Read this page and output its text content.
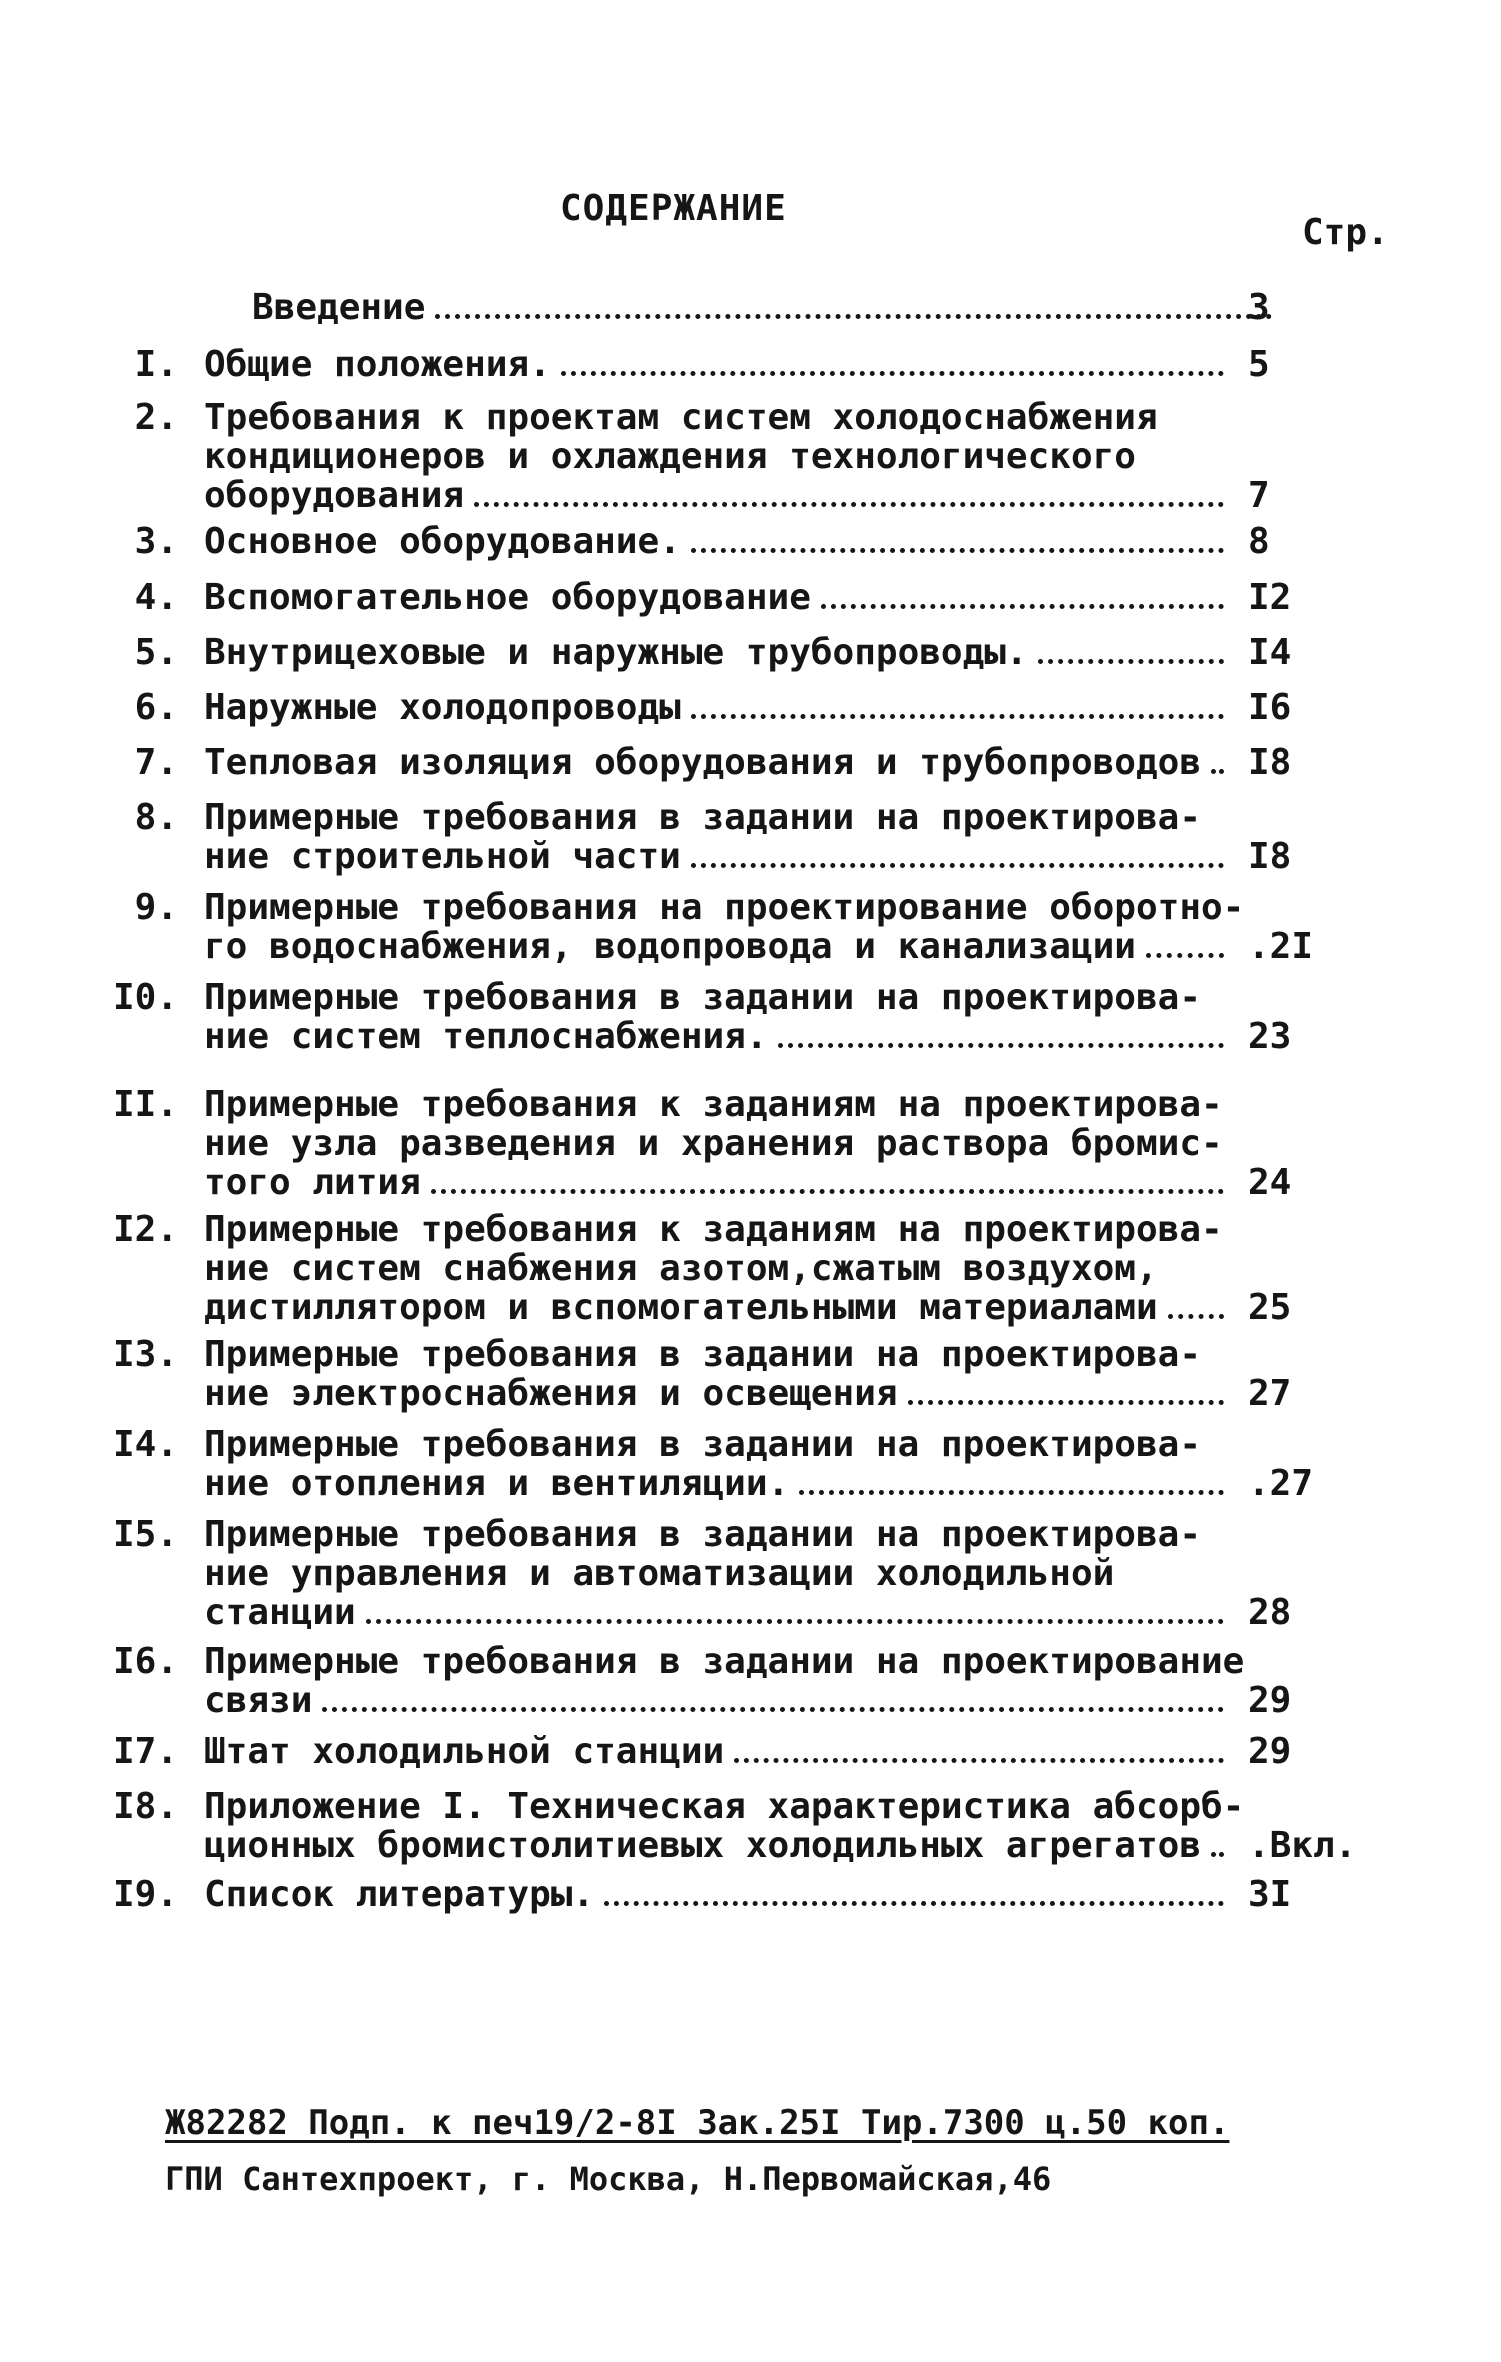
СОДЕРЖАНИЕ
Стр.
Введение	3
I. Общие положения.	5
2. Требования к проектам систем холодоснабжения
кондиционеров и охлаждения технологического
оборудования	7
3. Основное оборудование.	8
4. Вспомогательное оборудование	I2
5. Внутрицеховые и наружные трубопроводы.	I4
6. Наружные холодопроводы	I6
7. Тепловая изоляция оборудования и трубопроводов I8
8. Примерные требования в задании на проектирова-
ние строительной части	I8
9. Примерные требования на проектирование оборотно-
го водоснабжения, водопровода и канализации	.2I
I0. Примерные требования в задании на проектирова-
ние систем теплоснабжения.	23
II. Примерные требования к заданиям на проектирова-
ние узла разведения и хранения раствора бромис-
того лития	24
I2. Примерные требования к заданиям на проектирова-
ние систем снабжения азотом,сжатым воздухом,
дистиллятором и вспомогательными материалами	25
I3. Примерные требования в задании на проектирова-
ние электроснабжения и освещения	27
I4. Примерные требования в задании на проектирова-
ние отопления и вентиляции.	.27
I5. Примерные требования в задании на проектирова-
ние управления и автоматизации холодильной
станции	28
I6. Примерные требования в задании на проектирование
связи	29
I7. Штат холодильной станции	29
I8. Приложение I. Техническая характеристика абсорб-
ционных бромистолитиевых холодильных агрегатов .Вкл.
I9. Список литературы.	3I
Ж82282 Подп. к печ19/2-8I Зак.25I Тир.7300 ц.50 коп.
ГПИ Сантехпроект, г. Москва, Н.Первомайская,46
